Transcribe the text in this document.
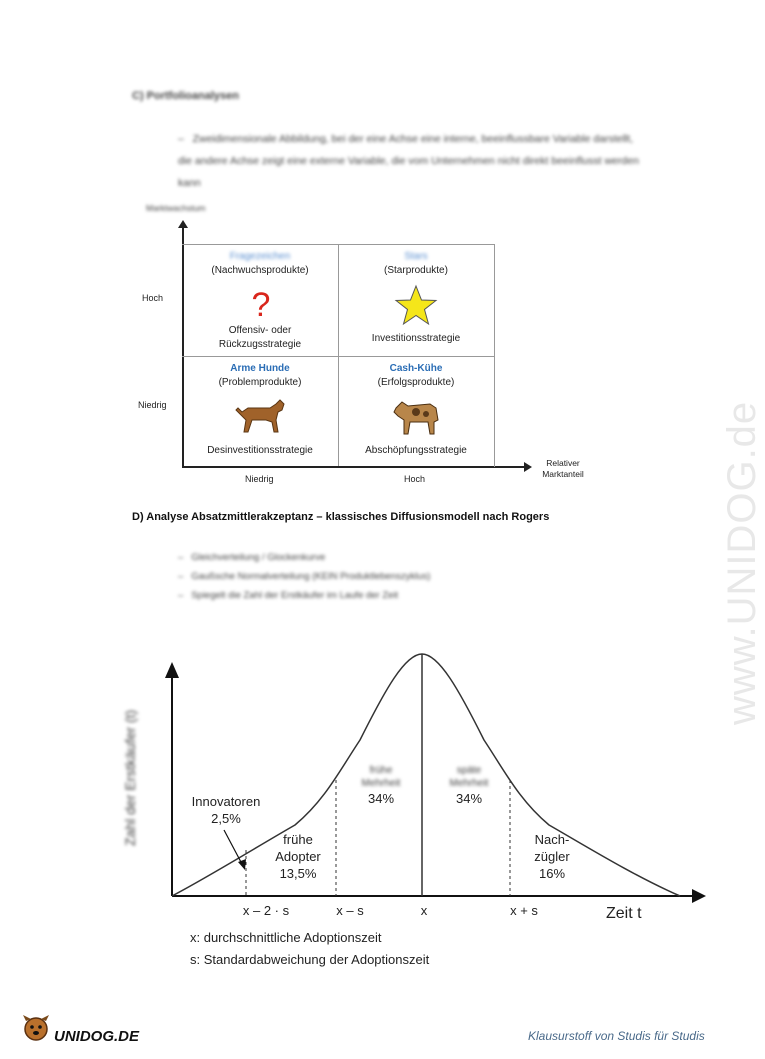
www.UNIDOG.de
C) Portfolioanalysen
–   Zweidimensionale Abbildung, bei der eine Achse eine interne, beeinflussbare Variable darstellt, die andere Achse zeigt eine externe Variable, die vom Unternehmen nicht direkt beeinflusst werden kann
Marktwachstum
Fragezeichen
(Nachwuchsprodukte)
?
Offensiv- oder
Rückzugsstrategie
Stars
(Starprodukte)
Investitionsstrategie
Arme Hunde
(Problemprodukte)
Desinvestitionsstrategie
Cash-Kühe
(Erfolgsprodukte)
Abschöpfungsstrategie
Hoch
Niedrig
Niedrig	Hoch
Relativer
Marktanteil
D) Analyse Absatzmittlerakzeptanz – klassisches Diffusionsmodell nach Rogers
–   Gleichverteilung / Glockenkurve
–   Gaußsche Normalverteilung (KEIN Produktlebenszyklus)
–   Spiegelt die Zahl der Erstkäufer im Laufe der Zeit
Zahl der Erstkäufer (t)	Innovatoren
2,5%
frühe
Adopter
13,5%
frühe
Mehrheit
34%
späte
Mehrheit
34%
Nach-
zügler
16%
x – 2 · s	x – s	x	x + s	Zeit t
x: durchschnittliche Adoptionszeit
s: Standardabweichung der Adoptionszeit
UNIDOG.DE	Klausurstoff von Studis für Studis
